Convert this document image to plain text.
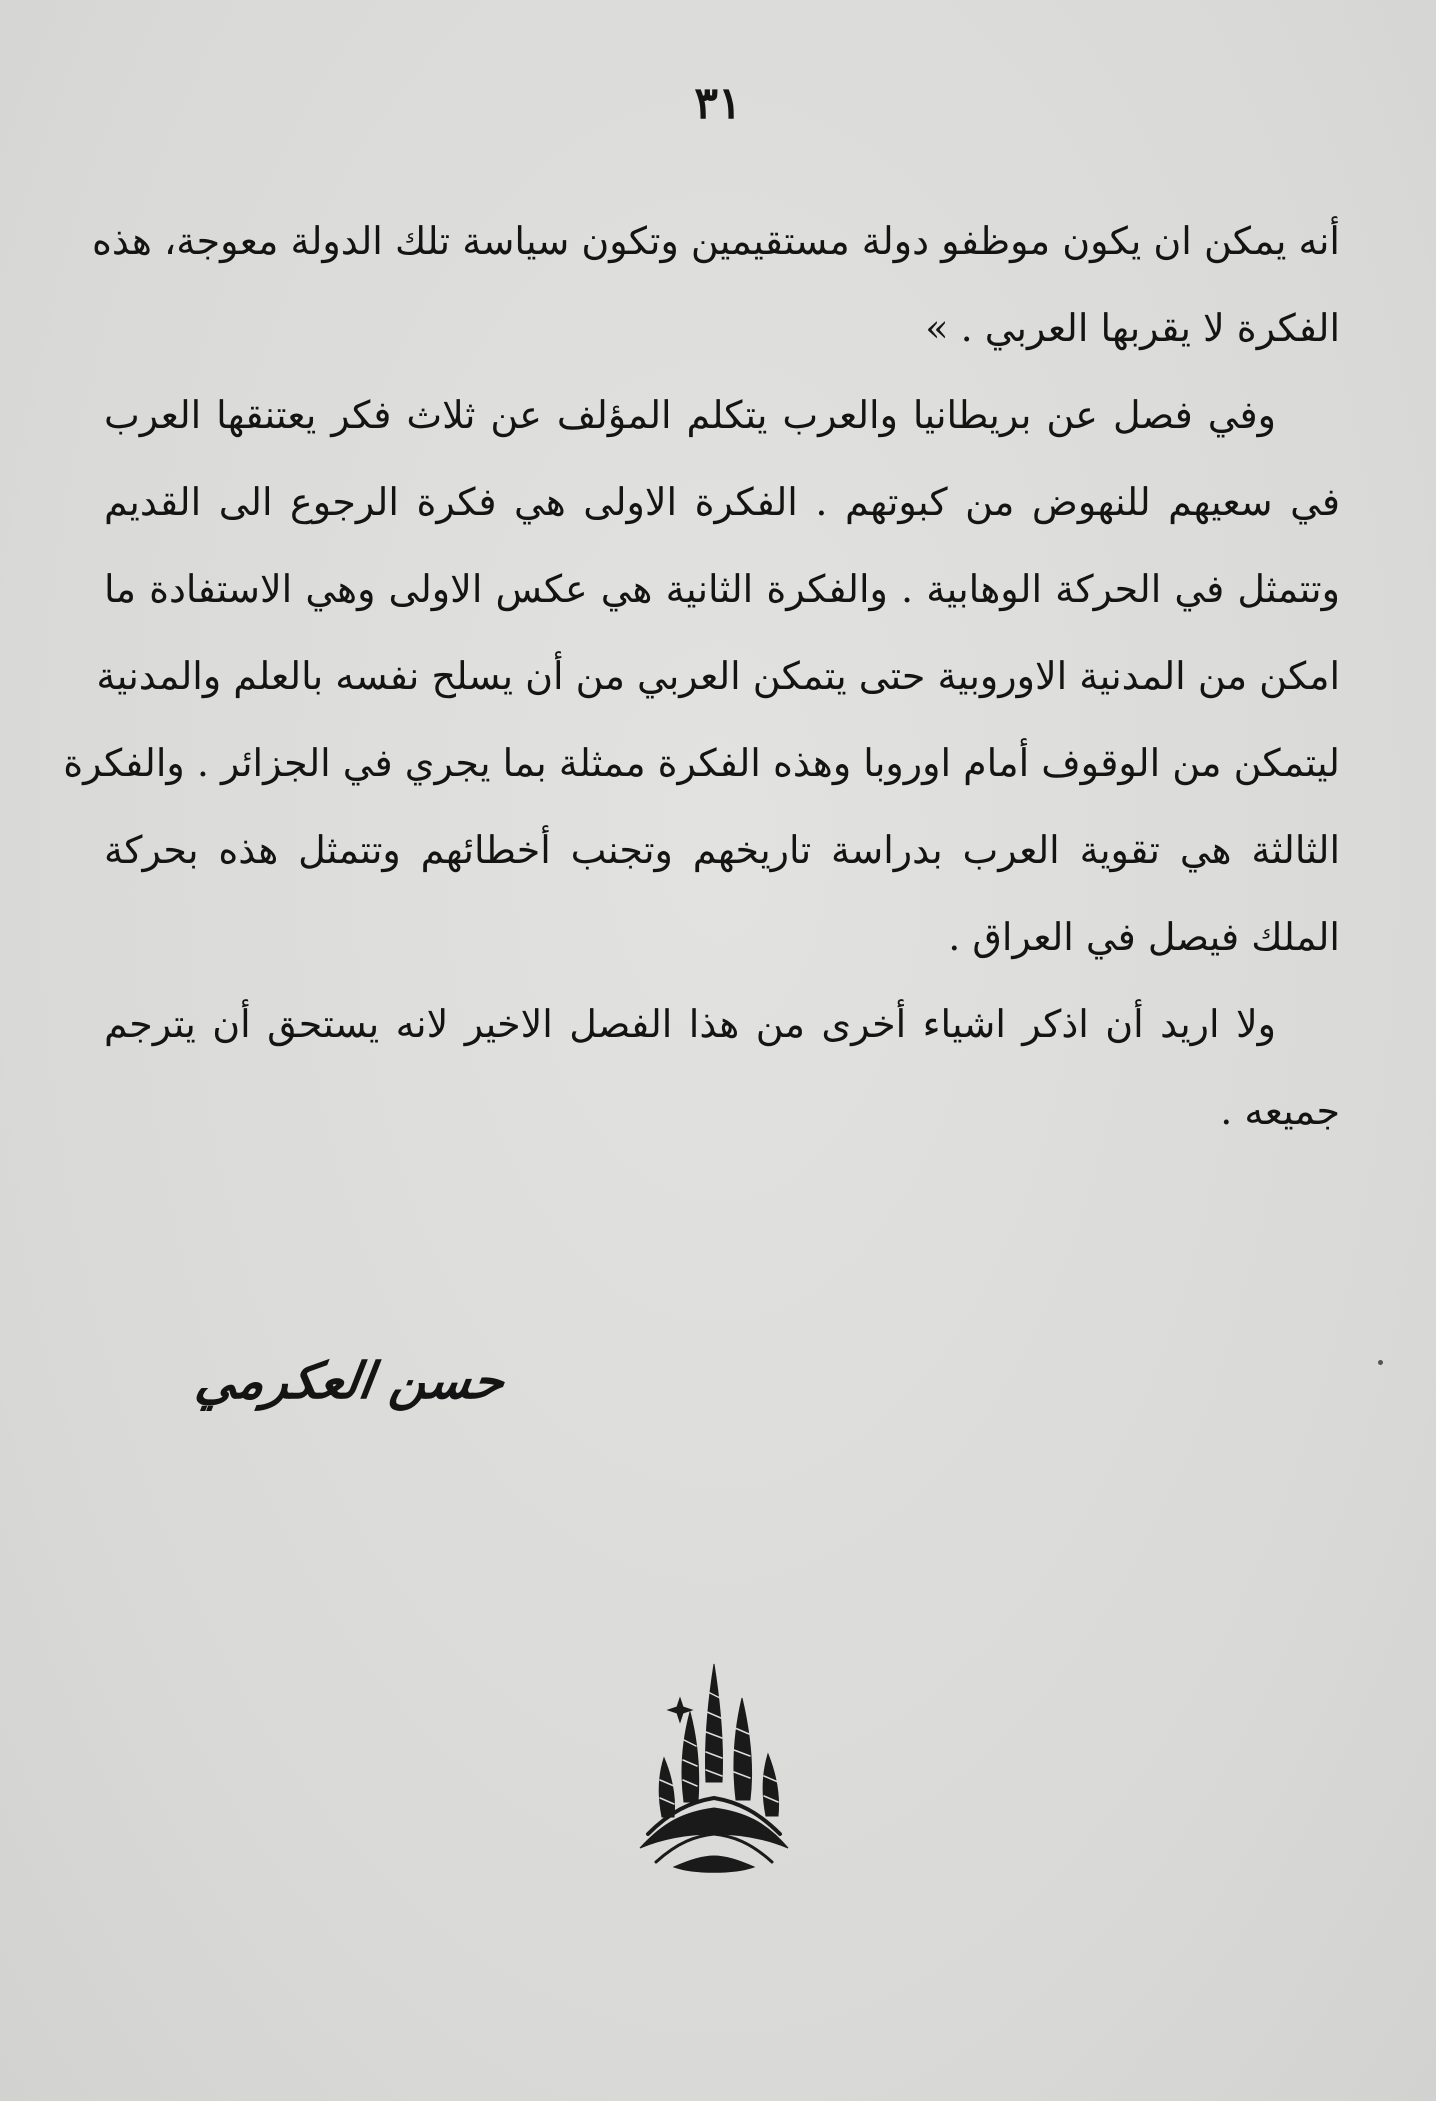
٣١
أنه يمكن ان يكون موظفو دولة مستقيمين وتكون سياسة تلك الدولة معوجة، هذه
الفكرة لا يقربها العربي . »
وفي فصل عن بريطانيا والعرب يتكلم المؤلف عن ثلاث فكر يعتنقها العرب
في سعيهم للنهوض من كبوتهم . الفكرة الاولى هي فكرة الرجوع الى القديم
وتتمثل في الحركة الوهابية . والفكرة الثانية هي عكس الاولى وهي الاستفادة ما
امكن من المدنية الاوروبية حتى يتمكن العربي من أن يسلح نفسه بالعلم والمدنية
ليتمكن من الوقوف أمام اوروبا وهذه الفكرة ممثلة بما يجري في الجزائر . والفكرة
الثالثة هي تقوية العرب بدراسة تاريخهم وتجنب أخطائهم وتتمثل هذه بحركة
الملك فيصل في العراق .
ولا اريد أن اذكر اشياء أخرى من هذا الفصل الاخير لانه يستحق أن يترجم
جميعه .
حسن العكرمي
